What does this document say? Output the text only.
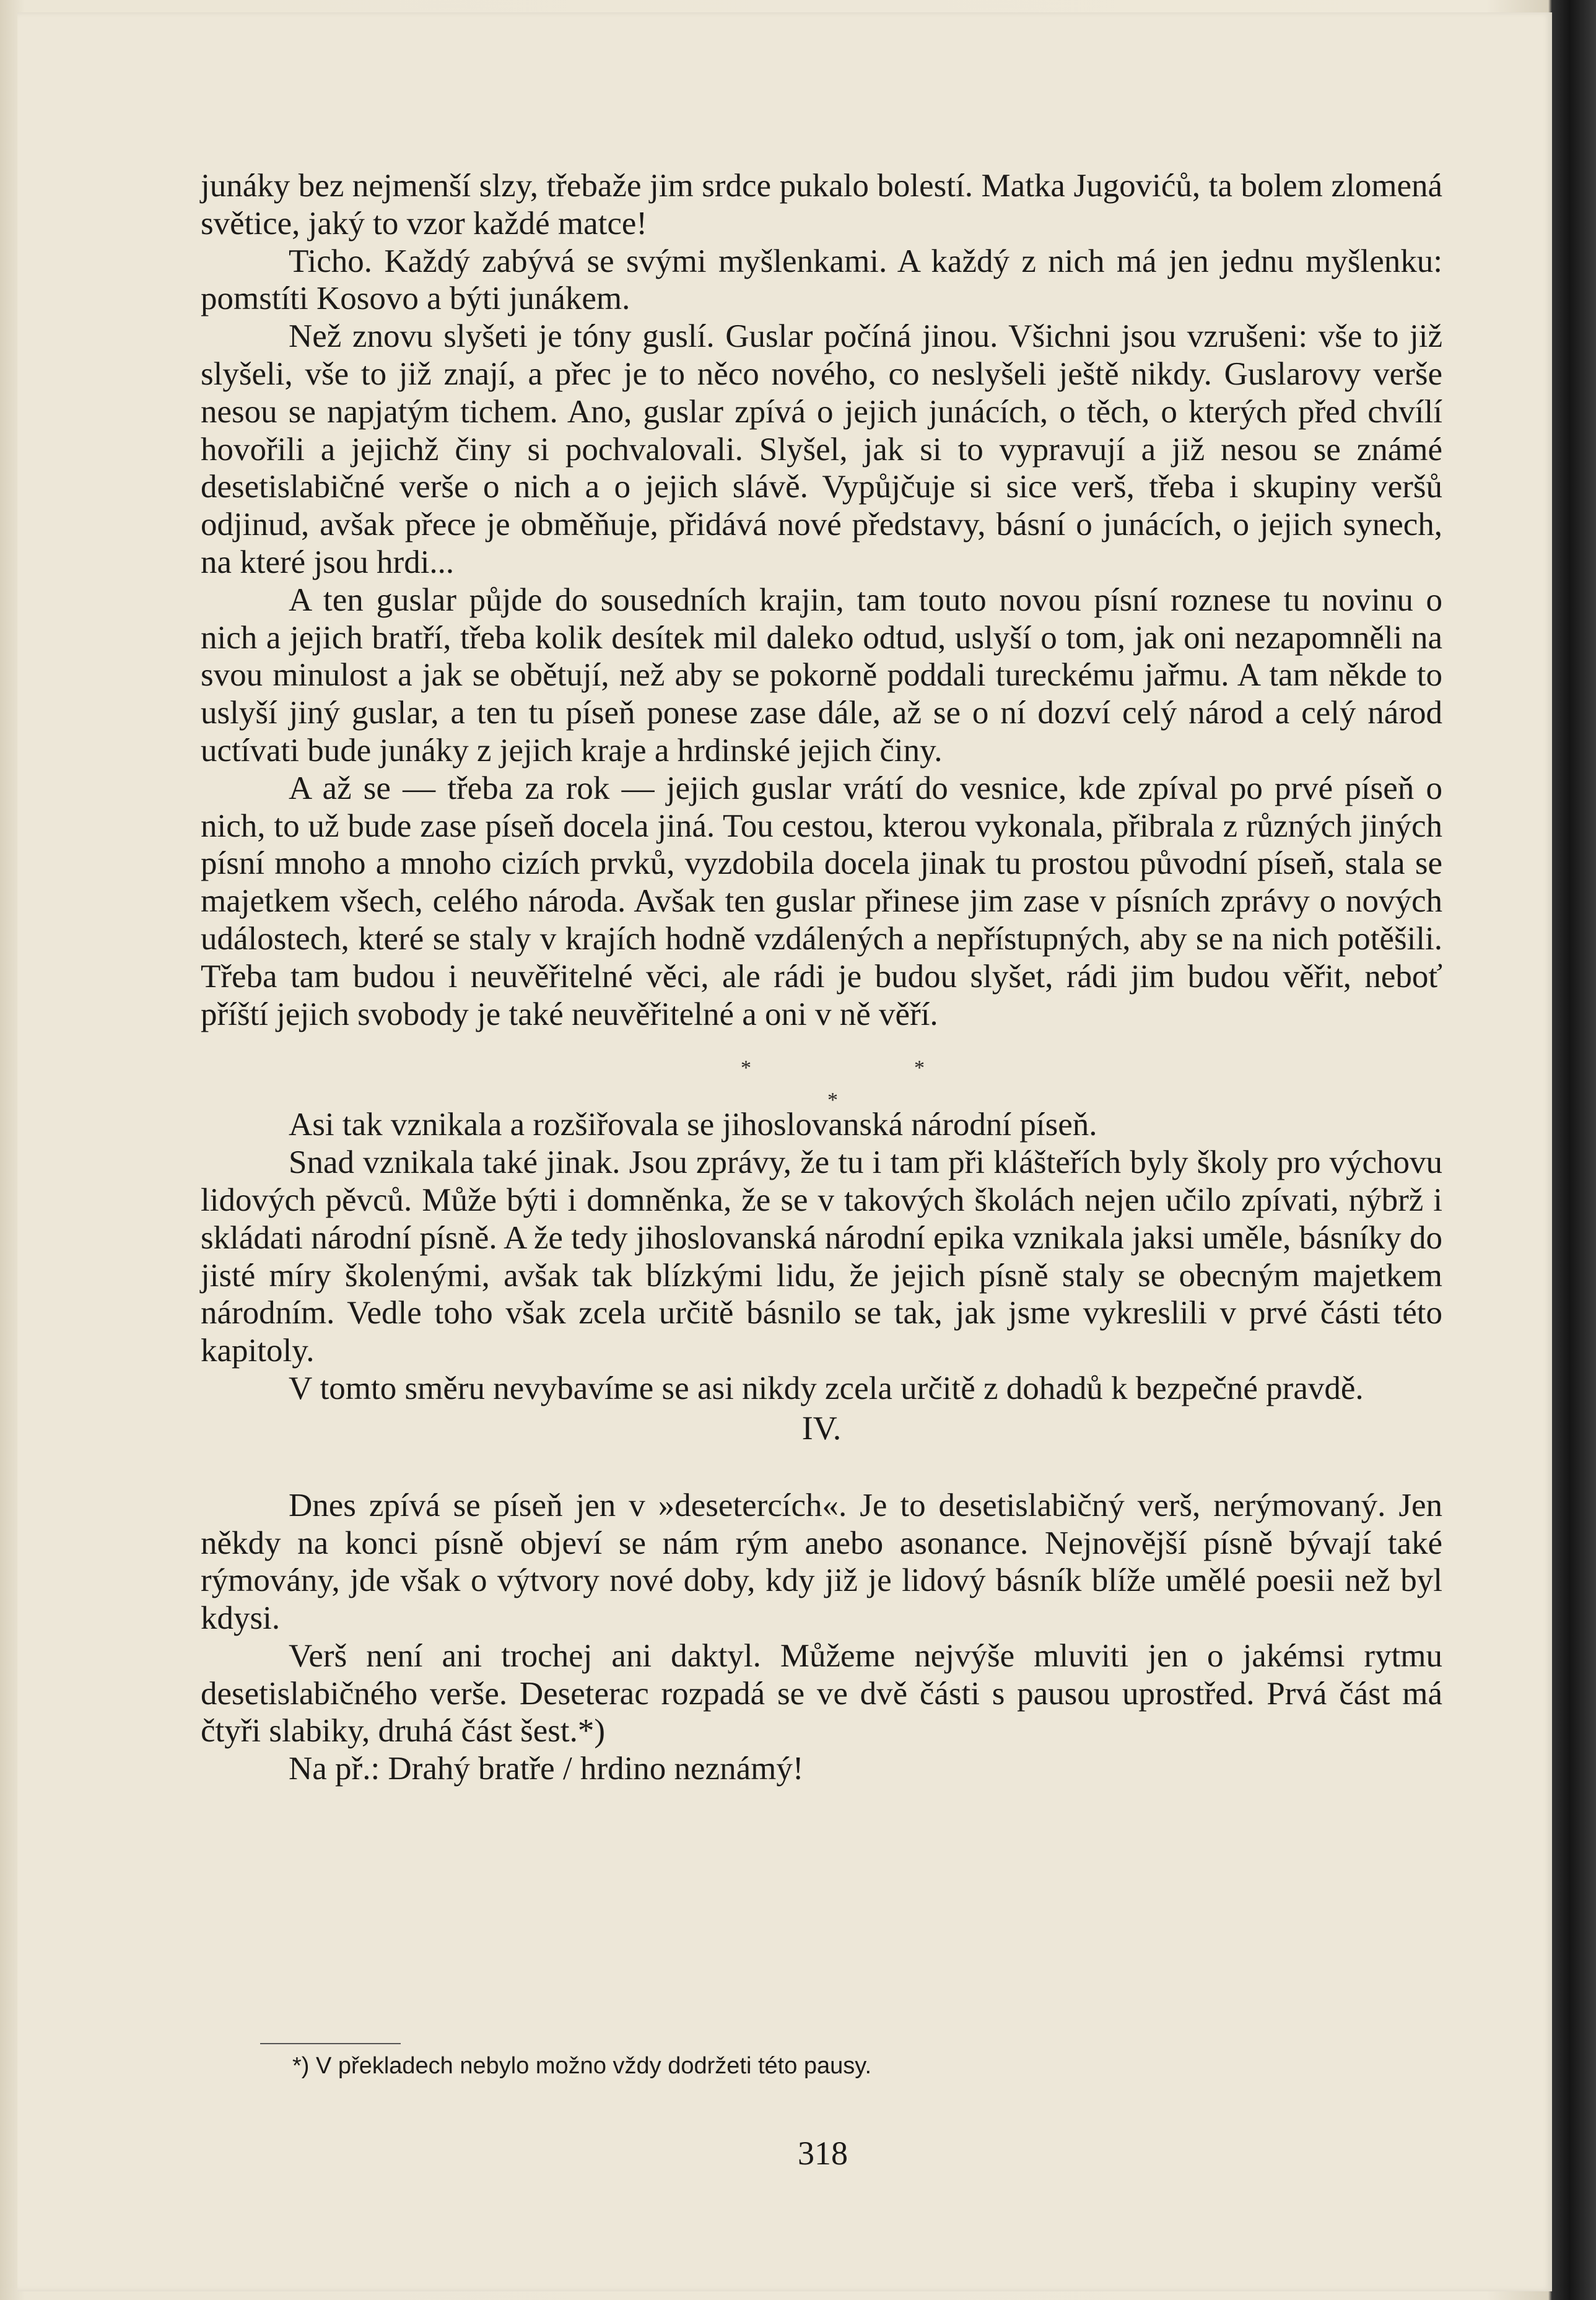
junáky bez nejmenší slzy, třebaže jim srdce pukalo bolestí. Matka Jugovićů, ta bolem zlomená světice, jaký to vzor každé matce!

Ticho. Každý zabývá se svými myšlenkami. A každý z nich má jen jednu myšlenku: pomstíti Kosovo a býti junákem.

Než znovu slyšeti je tóny guslí. Guslar počíná jinou. Všichni jsou vzrušeni: vše to již slyšeli, vše to již znají, a přec je to něco nového, co neslyšeli ještě nikdy. Guslarovy verše nesou se napjatým tichem. Ano, guslar zpívá o jejich junácích, o těch, o kterých před chvílí hovořili a jejichž činy si pochvalovali. Slyšel, jak si to vypravují a již nesou se známé desetislabičné verše o nich a o jejich slávě. Vypůjčuje si sice verš, třeba i skupiny veršů odjinud, avšak přece je obměňuje, přidává nové představy, básní o junácích, o jejich synech, na které jsou hrdi...

A ten guslar půjde do sousedních krajin, tam touto novou písní roznese tu novinu o nich a jejich bratří, třeba kolik desítek mil daleko odtud, uslyší o tom, jak oni nezapomněli na svou minulost a jak se obětují, než aby se pokorně poddali tureckému jařmu. A tam někde to uslyší jiný guslar, a ten tu píseň ponese zase dále, až se o ní dozví celý národ a celý národ uctívati bude junáky z jejich kraje a hrdinské jejich činy.

A až se — třeba za rok — jejich guslar vrátí do vesnice, kde zpíval po prvé píseň o nich, to už bude zase píseň docela jiná. Tou cestou, kterou vykonala, přibrala z různých jiných písní mnoho a mnoho cizích prvků, vyzdobila docela jinak tu prostou původní píseň, stala se majetkem všech, celého národa. Avšak ten guslar přinese jim zase v písních zprávy o nových událostech, které se staly v krajích hodně vzdálených a nepřístupných, aby se na nich potěšili. Třeba tam budou i neuvěřitelné věci, ale rádi je budou slyšet, rádi jim budou věřit, neboť příští jejich svobody je také neuvěřitelné a oni v ně věří.

*	*
*

Asi tak vznikala a rozšiřovala se jihoslovanská národní píseň.

Snad vznikala také jinak. Jsou zprávy, že tu i tam při klášteřích byly školy pro výchovu lidových pěvců. Může býti i domněnka, že se v takových školách nejen učilo zpívati, nýbrž i skládati národní písně. A že tedy jihoslovanská národní epika vznikala jaksi uměle, básníky do jisté míry školenými, avšak tak blízkými lidu, že jejich písně staly se obecným majetkem národním. Vedle toho však zcela určitě básnilo se tak, jak jsme vykreslili v prvé části této kapitoly.

V tomto směru nevybavíme se asi nikdy zcela určitě z dohadů k bezpečné pravdě.

IV.

Dnes zpívá se píseň jen v »desetercích«. Je to desetislabičný verš, nerýmovaný. Jen někdy na konci písně objeví se nám rým anebo asonance. Nejnovější písně bývají také rýmovány, jde však o výtvory nové doby, kdy již je lidový básník blíže umělé poesii než byl kdysi.

Verš není ani trochej ani daktyl. Můžeme nejvýše mluviti jen o jakémsi rytmu desetislabičného verše. Deseterac rozpadá se ve dvě části s pausou uprostřed. Prvá část má čtyři slabiky, druhá část šest.*)

Na př.: Drahý bratře / hrdino neznámý!

*) V překladech nebylo možno vždy dodržeti této pausy.
318
